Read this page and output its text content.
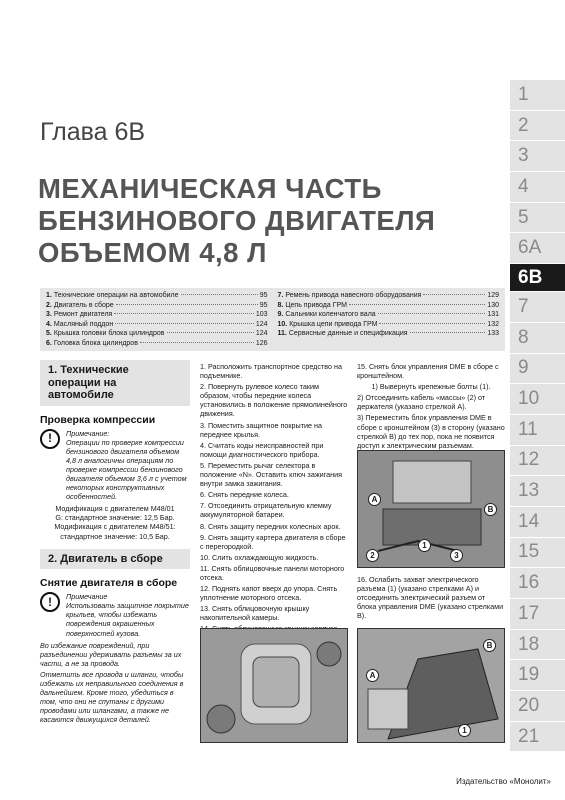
1
2
3
4
5
6А
6В
7
8
9
10
11
12
13
14
15
16
17
18
19
20
21
Глава 6В
МЕХАНИЧЕСКАЯ ЧАСТЬ
БЕНЗИНОВОГО ДВИГАТЕЛЯ
ОБЪЕМОМ 4,8 Л
1. Технические операции на автомобиле	95
2. Двигатель в сборе	95
3. Ремонт двигателя	103
4. Масляный поддон	124
5. Крышка головки блока цилиндров	124
6. Головка блока цилиндров	126
7. Ремень привода навесного оборудования	129
8. Цепь привода ГРМ	130
9. Сальники коленчатого вала	131
10. Крышка цепи привода ГРМ	132
11. Сервисные данные и спецификация	133
1. Технические операции на автомобиле
Проверка компрессии
!	Примечание:
Операции по проверке компрессии бензинового двигателя объемом 4,8 л аналогичны операциям по проверке компрессии бензинового двигателя объемом 3,6 л с учетом некоторых конструктивных особенностей.
Модификация с двигателем M48/01
G: стандартное значение: 12,5 Бар.
Модификация с двигателем M48/51:
стандартное значение: 10,5 Бар.
2. Двигатель в сборе
Снятие двигателя в сборе
!	Примечание
Использовать защитное покрытие крыльев, чтобы избежать повреждения окрашенных поверхностей кузова.
Во избежание повреждений, при разъединении удерживать разъемы за их части, а не за провода.
Отметить все провода и шланги, чтобы избежать их неправильного соединения в дальнейшем. Кроме того, убедиться в том, что они не спутаны с другими проводами или шлангами, а также не касаются движущихся деталей.
1. Расположить транспортное средство на подъемнике.
2. Повернуть рулевое колесо таким образом, чтобы передние колеса установились в положение прямолинейного движения.
3. Поместить защитное покрытие на переднее крылья.
4. Считать коды неисправностей при помощи диагностического прибора.
5. Переместить рычаг селектора в положение «N». Оставить ключ зажигания внутри замка зажигания.
6. Снять передние колеса.
7. Отсоединить отрицательную клемму аккумуляторной батареи.
8. Снять защиту передних колесных арок.
9. Снять защиту картера двигателя в сборе с перегородкой.
10. Слить охлаждающую жидкость.
11. Снять облицовочные панели моторного отсека.
12. Поднять капот вверх до упора. Снять уплотнение моторного отсека.
13. Снять облицовочную крышку накопительной камеры.
15. Снять блок управления DME в сборе с кронштейном.
1) Вывернуть крепежные болты (1).
2) Отсоединить кабель «массы» (2) от держателя (указано стрелкой А).
3) Переместить блок управления DME в сборе с кронштейном (3) в сторону (указано стрелкой В) до тех пор, пока не появится доступ к электрическим разъемам.
A
B
1
2	3
16. Ослабить захват электрического разъема (1) (указано стрелками А) и отсоединить электрический разъем от блока управления DME (указано стрелками В).
A
B
1
Издательство «Монолит»
